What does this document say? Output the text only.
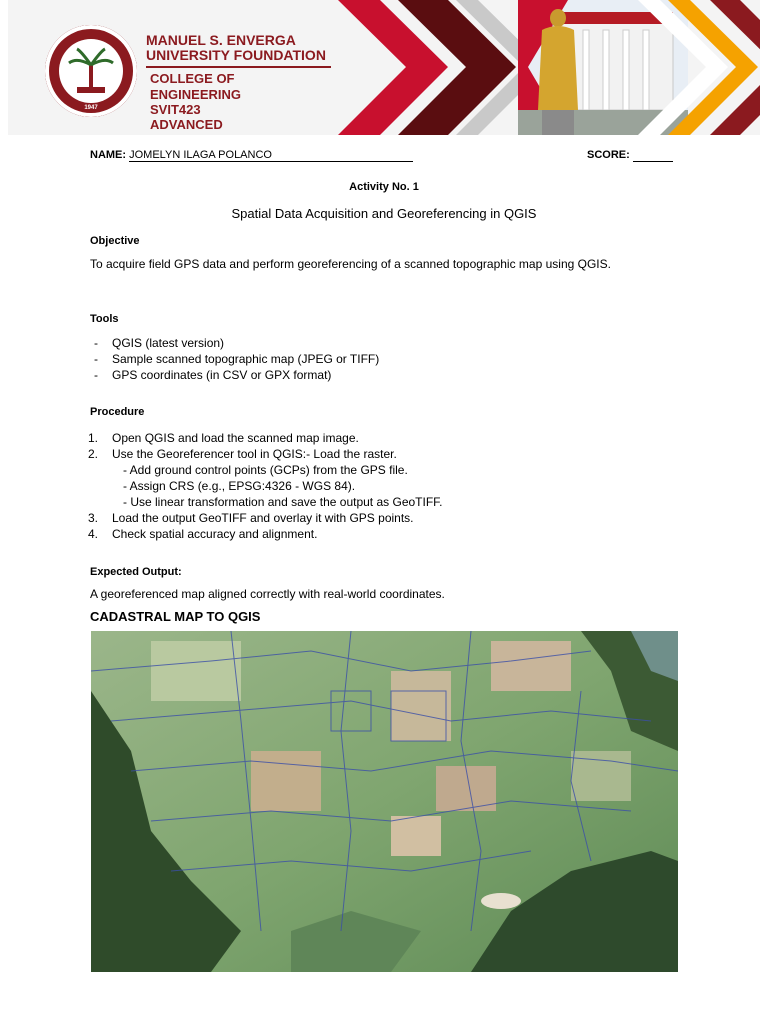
1947
MANUEL S. ENVERGA
UNIVERSITY FOUNDATION
COLLEGE OF
ENGINEERING
SVIT423
ADVANCED
NAME: JOMELYN ILAGA POLANCO	SCORE:
Activity No. 1
Spatial Data Acquisition and Georeferencing in QGIS
Objective
To acquire field GPS data and perform georeferencing of a scanned topographic map using QGIS.
Tools
- QGIS (latest version)
- Sample scanned topographic map (JPEG or TIFF)
- GPS coordinates (in CSV or GPX format)
Procedure
1. Open QGIS and load the scanned map image.
2. Use the Georeferencer tool in QGIS:- Load the raster.
- Add ground control points (GCPs) from the GPS file.
- Assign CRS (e.g., EPSG:4326 - WGS 84).
- Use linear transformation and save the output as GeoTIFF.
3. Load the output GeoTIFF and overlay it with GPS points.
4. Check spatial accuracy and alignment.
Expected Output:
A georeferenced map aligned correctly with real-world coordinates.
CADASTRAL MAP TO QGIS
